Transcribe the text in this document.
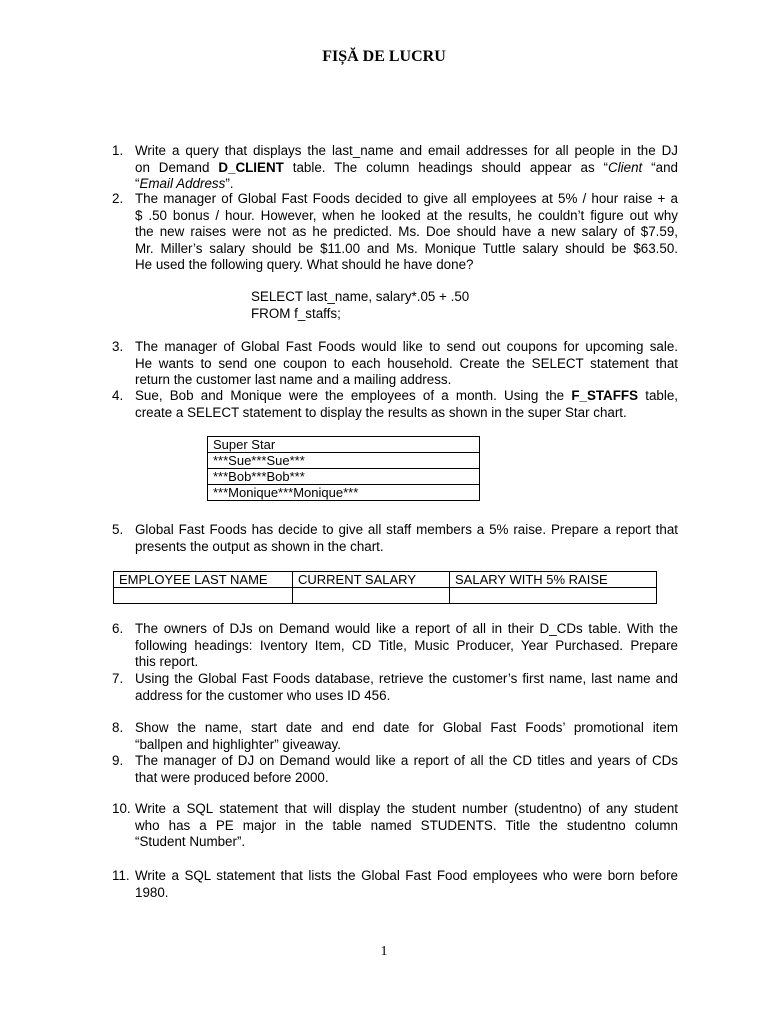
FIȘĂ DE LUCRU
1. Write a query that displays the last_name and email addresses for all people in the DJ
on Demand D_CLIENT table. The column headings should appear as “Client “and
“Email Address”.
2. The manager of Global Fast Foods decided to give all employees at 5% / hour raise + a
$ .50 bonus / hour. However, when he looked at the results, he couldn’t figure out why
the new raises were not as he predicted. Ms. Doe should have a new salary of $7.59,
Mr. Miller’s salary should be $11.00 and Ms. Monique Tuttle salary should be $63.50.
He used the following query. What should he have done?
SELECT last_name, salary*.05 + .50
FROM f_staffs;
3. The manager of Global Fast Foods would like to send out coupons for upcoming sale.
He wants to send one coupon to each household. Create the SELECT statement that
return the customer last name and a mailing address.
4. Sue, Bob and Monique were the employees of a month. Using the F_STAFFS table,
create a SELECT statement to display the results as shown in the super Star chart.
Super Star
***Sue***Sue***
***Bob***Bob***
***Monique***Monique***
5. Global Fast Foods has decide to give all staff members a 5% raise. Prepare a report that
presents the output as shown in the chart.
EMPLOYEE LAST NAME	CURRENT SALARY	SALARY WITH 5% RAISE

6. The owners of DJs on Demand would like a report of all in their D_CDs table. With the
following headings: Iventory Item, CD Title, Music Producer, Year Purchased. Prepare
this report.
7. Using the Global Fast Foods database, retrieve the customer’s first name, last name and
address for the customer who uses ID 456.
8. Show the name, start date and end date for Global Fast Foods’ promotional item
“ballpen and highlighter” giveaway.
9. The manager of DJ on Demand would like a report of all the CD titles and years of CDs
that were produced before 2000.
10. Write a SQL statement that will display the student number (studentno) of any student
who has a PE major in the table named STUDENTS. Title the studentno column
“Student Number”.
11. Write a SQL statement that lists the Global Fast Food employees who were born before
1980.
1
